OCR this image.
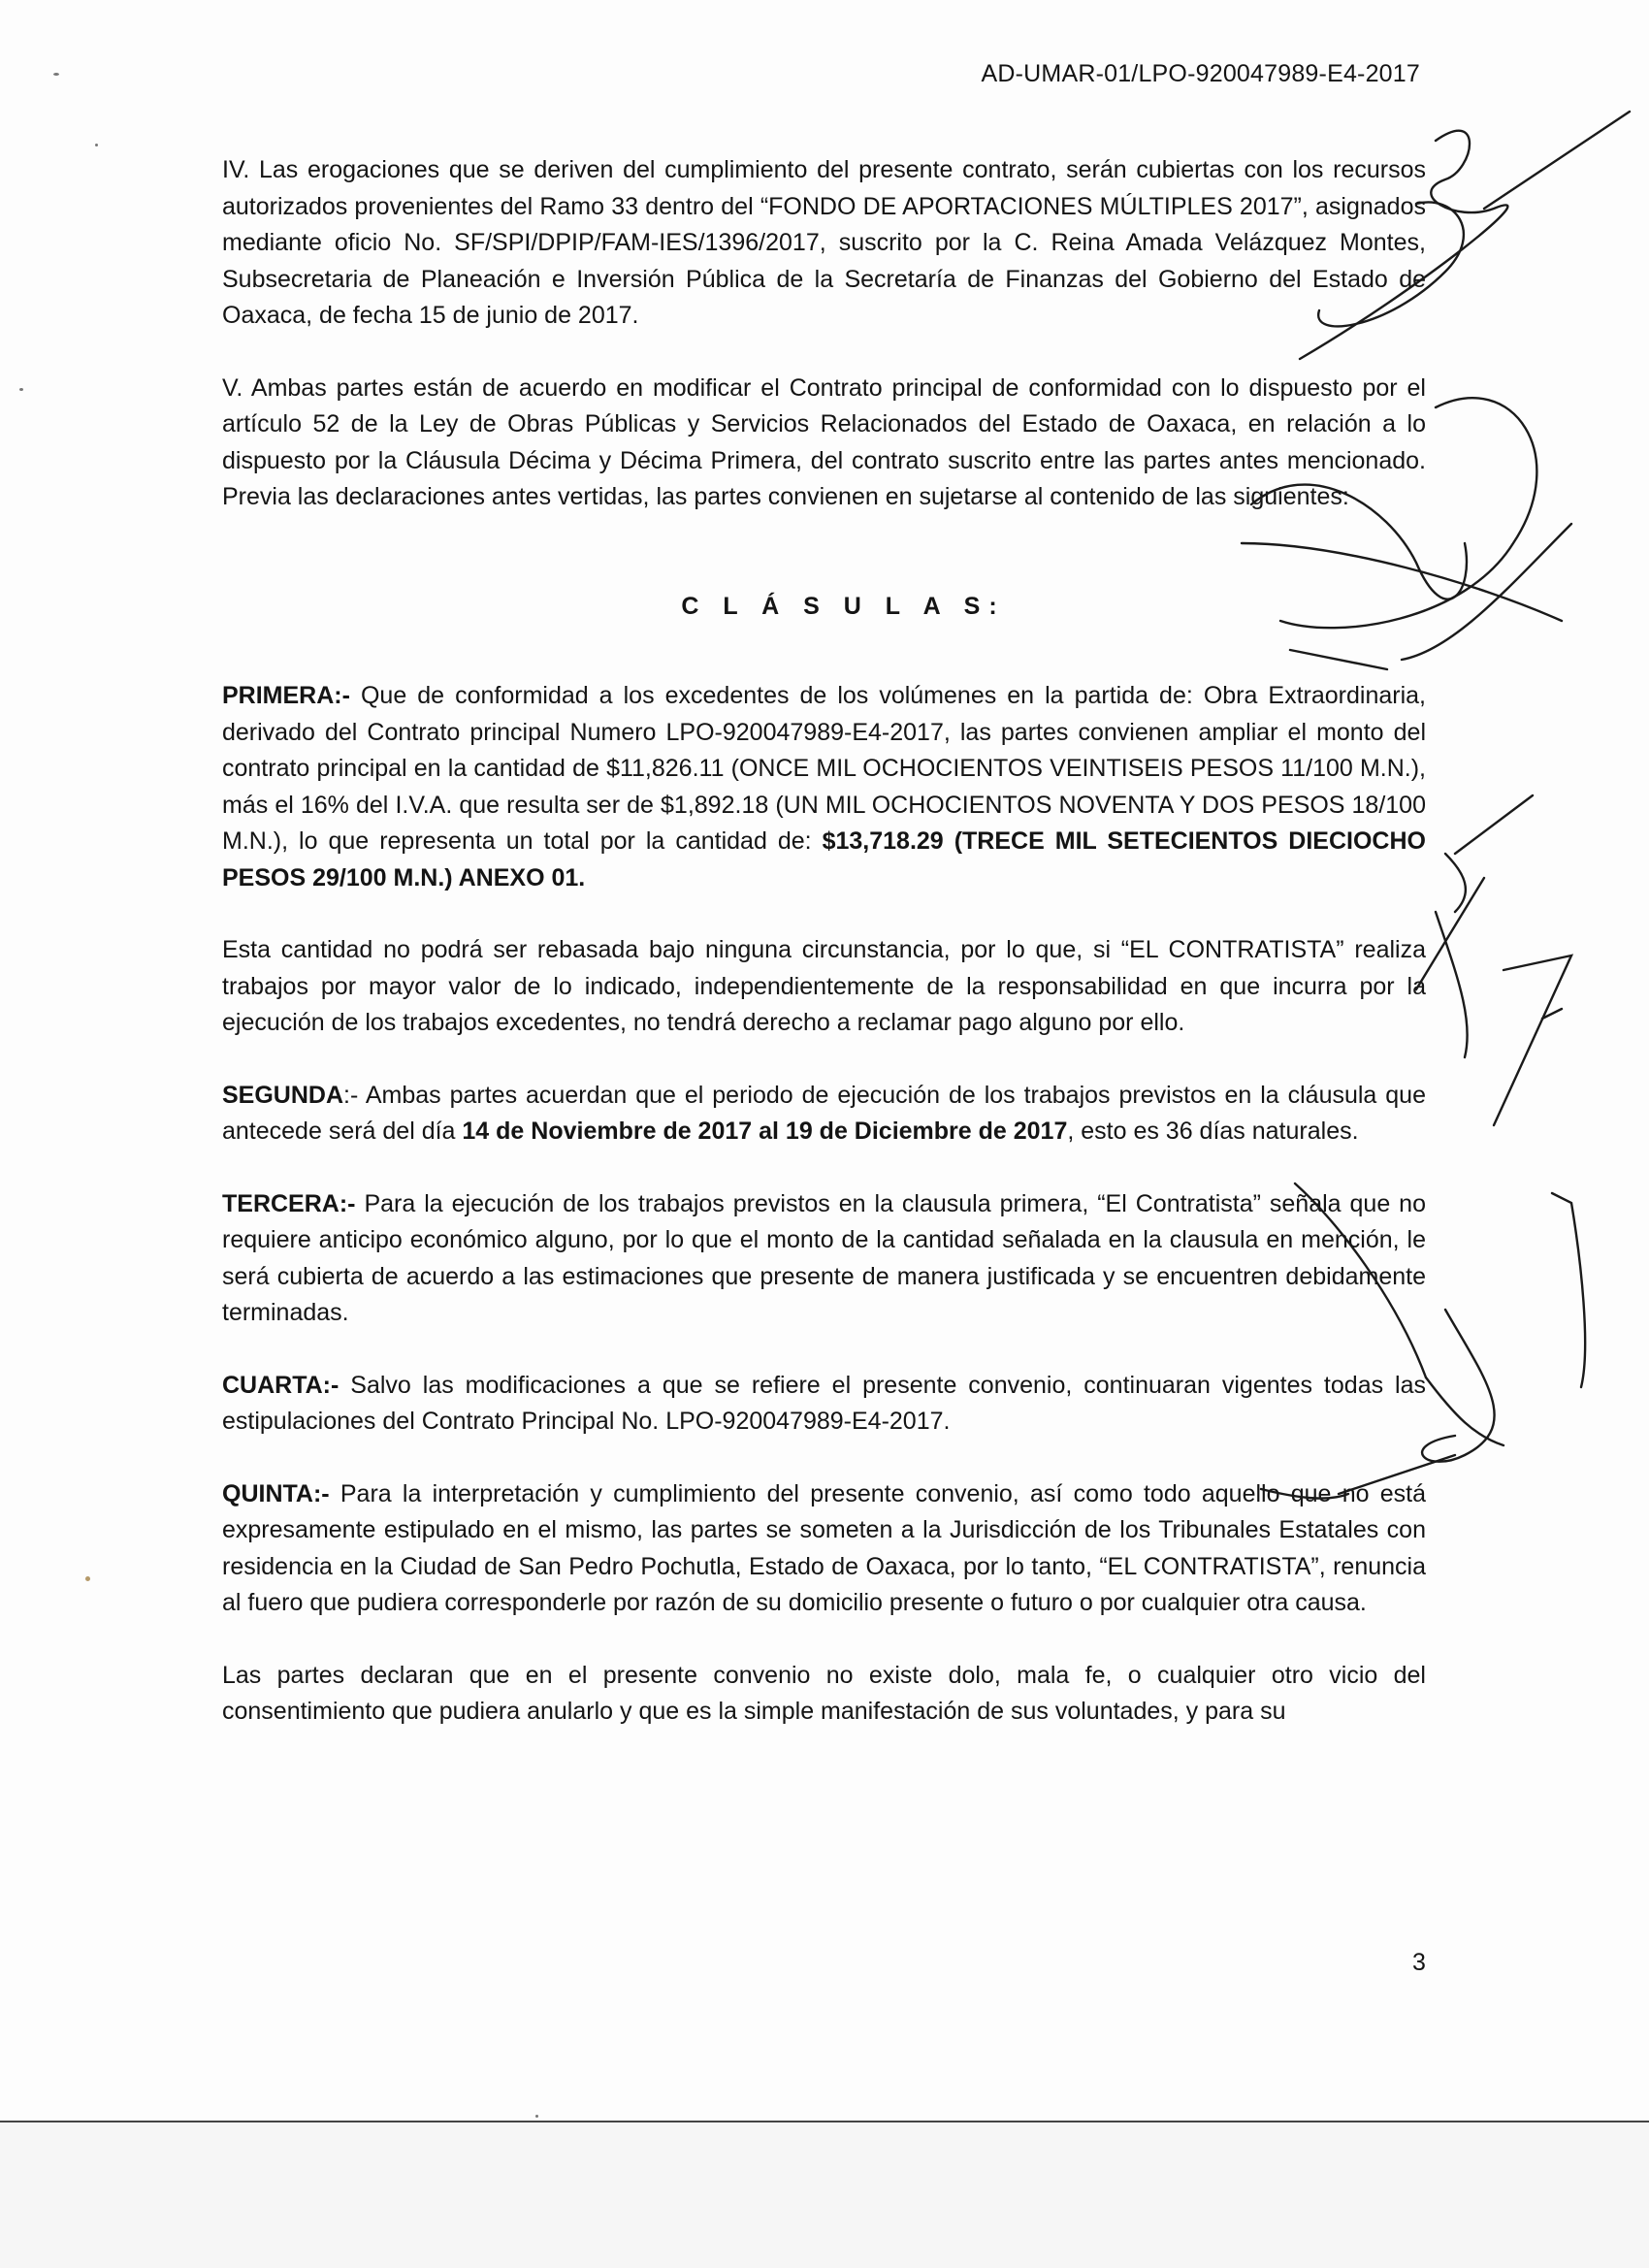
AD-UMAR-01/LPO-920047989-E4-2017

IV. Las erogaciones que se deriven del cumplimiento del presente contrato, serán cubiertas con los recursos autorizados provenientes del Ramo 33 dentro del “FONDO DE APORTACIONES MÚLTIPLES 2017”, asignados mediante oficio No. SF/SPI/DPIP/FAM-IES/1396/2017, suscrito por la C. Reina Amada Velázquez Montes, Subsecretaria de Planeación e Inversión Pública de la Secretaría de Finanzas del Gobierno del Estado de Oaxaca, de fecha 15 de junio de 2017.

V. Ambas partes están de acuerdo en modificar el Contrato principal de conformidad con lo dispuesto por el artículo 52 de la Ley de Obras Públicas y Servicios Relacionados del Estado de Oaxaca, en relación a lo dispuesto por la Cláusula Décima y Décima Primera, del contrato suscrito entre las partes antes mencionado. Previa las declaraciones antes vertidas, las partes convienen en sujetarse al contenido de las siguientes:

C L Á S U L A S:

PRIMERA:- Que de conformidad a los excedentes de los volúmenes en la partida de: Obra Extraordinaria, derivado del Contrato principal Numero LPO-920047989-E4-2017, las partes convienen ampliar el monto del contrato principal en la cantidad de $11,826.11 (ONCE MIL OCHOCIENTOS VEINTISEIS PESOS 11/100 M.N.), más el 16% del I.V.A. que resulta ser de $1,892.18 (UN MIL OCHOCIENTOS NOVENTA Y DOS PESOS 18/100 M.N.), lo que representa un total por la cantidad de: $13,718.29 (TRECE MIL SETECIENTOS DIECIOCHO PESOS 29/100 M.N.) ANEXO 01.

Esta cantidad no podrá ser rebasada bajo ninguna circunstancia, por lo que, si “EL CONTRATISTA” realiza trabajos por mayor valor de lo indicado, independientemente de la responsabilidad en que incurra por la ejecución de los trabajos excedentes, no tendrá derecho a reclamar pago alguno por ello.

SEGUNDA:- Ambas partes acuerdan que el periodo de ejecución de los trabajos previstos en la cláusula que antecede será del día 14 de Noviembre de 2017 al 19 de Diciembre de 2017, esto es 36 días naturales.

TERCERA:- Para la ejecución de los trabajos previstos en la clausula primera, “El Contratista” señala que no requiere anticipo económico alguno, por lo que el monto de la cantidad señalada en la clausula en mención, le será cubierta de acuerdo a las estimaciones que presente de manera justificada y se encuentren debidamente terminadas.

CUARTA:- Salvo las modificaciones a que se refiere el presente convenio, continuaran vigentes todas las estipulaciones del Contrato Principal No. LPO-920047989-E4-2017.

QUINTA:- Para la interpretación y cumplimiento del presente convenio, así como todo aquello que no está expresamente estipulado en el mismo, las partes se someten a la Jurisdicción de los Tribunales Estatales con residencia en la Ciudad de San Pedro Pochutla, Estado de Oaxaca, por lo tanto, “EL CONTRATISTA”, renuncia al fuero que pudiera corresponderle por razón de su domicilio presente o futuro o por cualquier otra causa.

Las partes declaran que en el presente convenio no existe dolo, mala fe, o cualquier otro vicio del consentimiento que pudiera anularlo y que es la simple manifestación de sus voluntades, y para su

3
